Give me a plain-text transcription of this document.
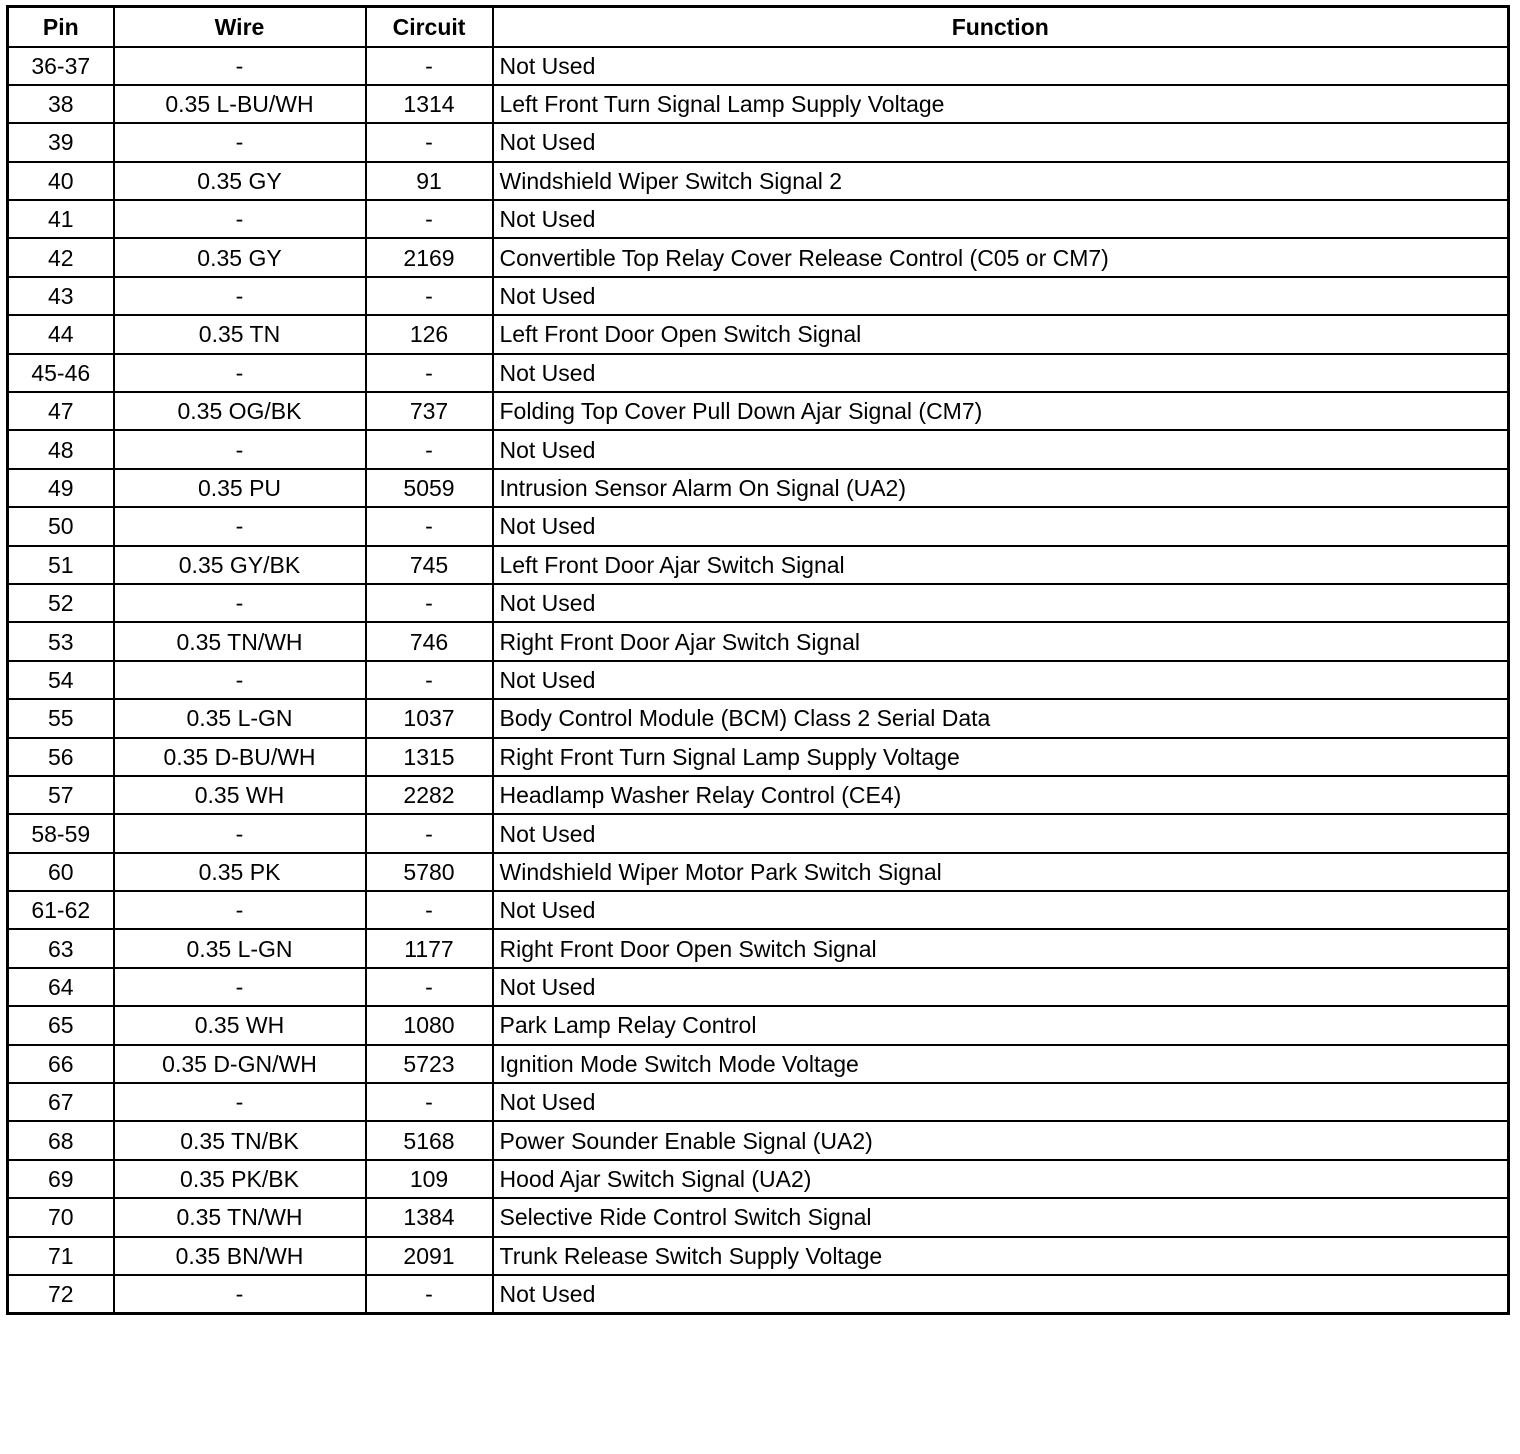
Pin	Wire	Circuit	Function
36-37	-	-	Not Used
38	0.35 L-BU/WH	1314	Left Front Turn Signal Lamp Supply Voltage
39	-	-	Not Used
40	0.35 GY	91	Windshield Wiper Switch Signal 2
41	-	-	Not Used
42	0.35 GY	2169	Convertible Top Relay Cover Release Control (C05 or CM7)
43	-	-	Not Used
44	0.35 TN	126	Left Front Door Open Switch Signal
45-46	-	-	Not Used
47	0.35 OG/BK	737	Folding Top Cover Pull Down Ajar Signal (CM7)
48	-	-	Not Used
49	0.35 PU	5059	Intrusion Sensor Alarm On Signal (UA2)
50	-	-	Not Used
51	0.35 GY/BK	745	Left Front Door Ajar Switch Signal
52	-	-	Not Used
53	0.35 TN/WH	746	Right Front Door Ajar Switch Signal
54	-	-	Not Used
55	0.35 L-GN	1037	Body Control Module (BCM) Class 2 Serial Data
56	0.35 D-BU/WH	1315	Right Front Turn Signal Lamp Supply Voltage
57	0.35 WH	2282	Headlamp Washer Relay Control (CE4)
58-59	-	-	Not Used
60	0.35 PK	5780	Windshield Wiper Motor Park Switch Signal
61-62	-	-	Not Used
63	0.35 L-GN	1177	Right Front Door Open Switch Signal
64	-	-	Not Used
65	0.35 WH	1080	Park Lamp Relay Control
66	0.35 D-GN/WH	5723	Ignition Mode Switch Mode Voltage
67	-	-	Not Used
68	0.35 TN/BK	5168	Power Sounder Enable Signal (UA2)
69	0.35 PK/BK	109	Hood Ajar Switch Signal (UA2)
70	0.35 TN/WH	1384	Selective Ride Control Switch Signal
71	0.35 BN/WH	2091	Trunk Release Switch Supply Voltage
72	-	-	Not Used
